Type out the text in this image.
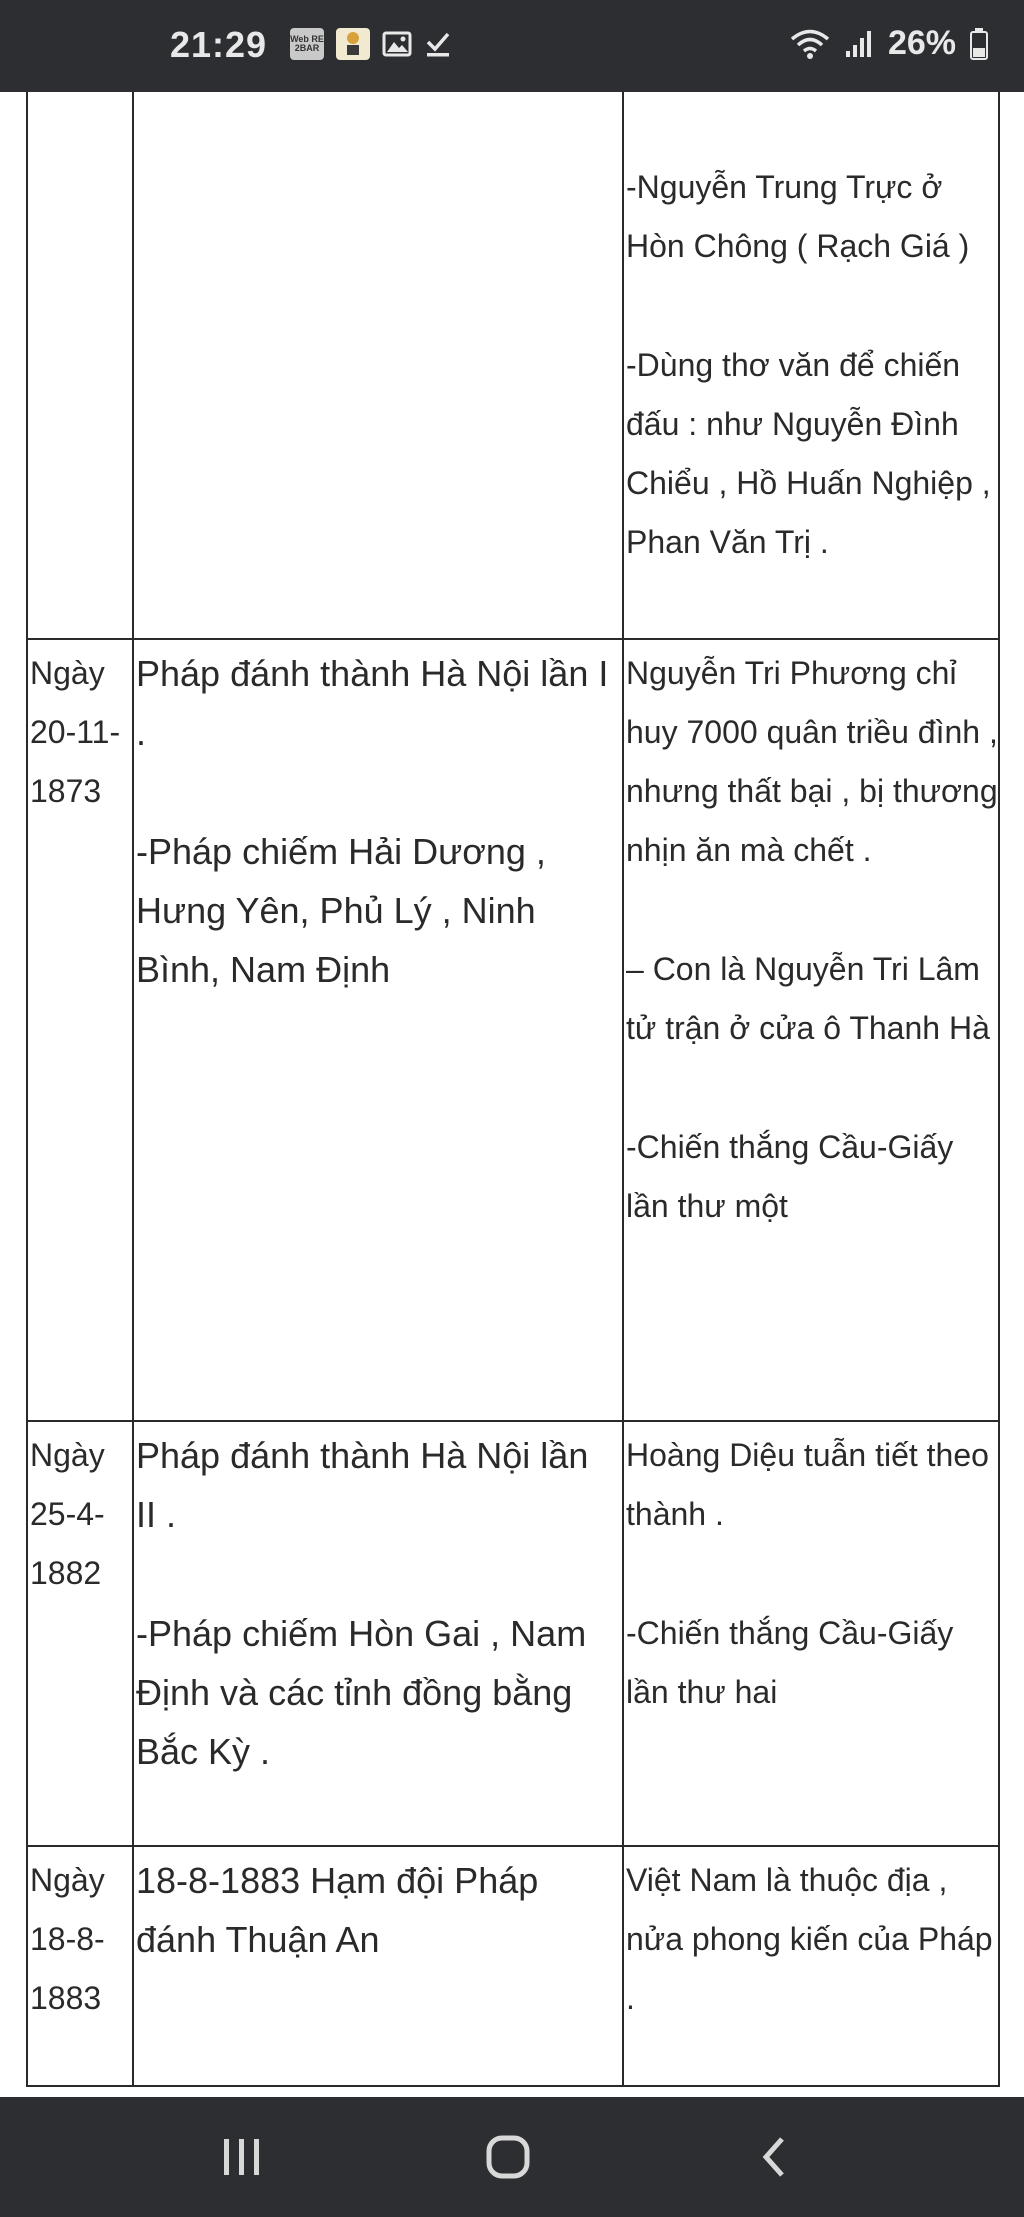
21:29	Web RE 2BAR	26%

-Nguyễn Trung Trực ở Hòn Chông ( Rạch Giá )

-Dùng thơ văn để chiến đấu : như Nguyễn Đình Chiểu , Hồ Huấn Nghiệp , Phan Văn Trị .

Ngày 20-11-1873

Pháp đánh thành Hà Nội lần I .

-Pháp chiếm Hải Dương , Hưng Yên, Phủ Lý , Ninh Bình, Nam Định

Nguyễn Tri Phương chỉ huy 7000 quân triều đình , nhưng thất bại , bị thương nhịn ăn mà chết .

– Con là Nguyễn Tri Lâm tử trận ở cửa ô Thanh Hà

-Chiến thắng Cầu-Giấy lần thư một

Ngày 25-4-1882

Pháp đánh thành Hà Nội lần II .

-Pháp chiếm Hòn Gai , Nam Định và các tỉnh đồng bằng Bắc Kỳ .

Hoàng Diệu tuẫn tiết theo thành .

-Chiến thắng Cầu-Giấy lần thư hai

Ngày 18-8-1883

18-8-1883 Hạm đội Pháp đánh Thuận An

Việt Nam là thuộc địa , nửa phong kiến của Pháp .
